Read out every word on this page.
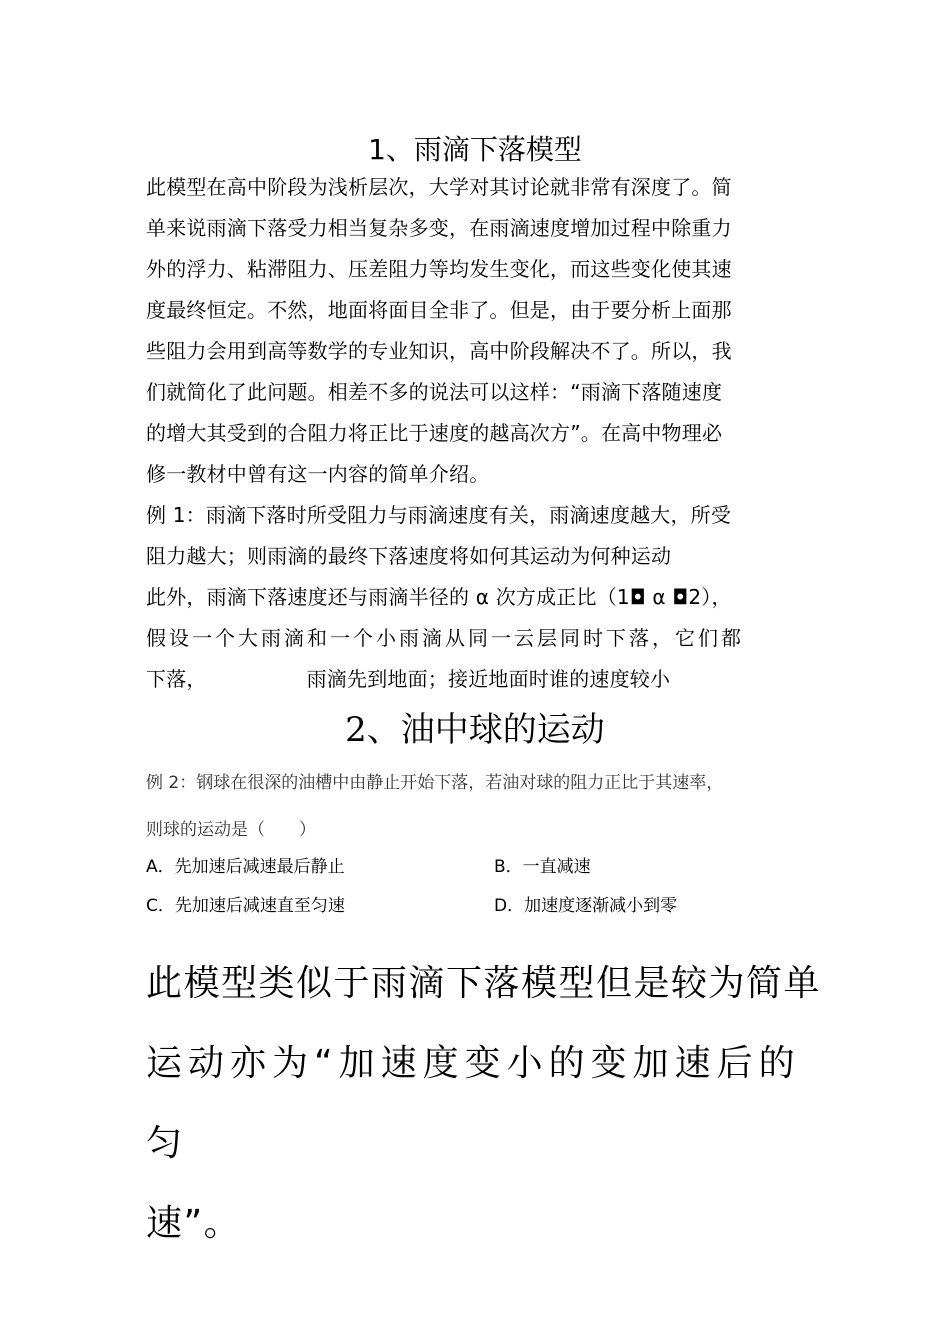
1、雨滴下落模型
此模型在高中阶段为浅析层次，大学对其讨论就非常有深度了。简
单来说雨滴下落受力相当复杂多变，在雨滴速度增加过程中除重力
外的浮力、粘滞阻力、压差阻力等均发生变化，而这些变化使其速
度最终恒定。不然，地面将面目全非了。但是，由于要分析上面那
些阻力会用到高等数学的专业知识，高中阶段解决不了。所以，我
们就简化了此问题。相差不多的说法可以这样：“雨滴下落随速度
的增大其受到的合阻力将正比于速度的越高次方”。在高中物理必
修一教材中曾有这一内容的简单介绍。
例 1：雨滴下落时所受阻力与雨滴速度有关，雨滴速度越大，所受
阻力越大；则雨滴的最终下落速度将如何其运动为何种运动
此外，雨滴下落速度还与雨滴半径的 α 次方成正比（1◘ α ◘2），
假设一个大雨滴和一个小雨滴从同一云层同时下落，它们都
下落，	雨滴先到地面；接近地面时谁的速度较小
2、油中球的运动
例 2：钢球在很深的油槽中由静止开始下落，若油对球的阻力正比于其速率，
则球的运动是（　　）
A．先加速后减速最后静止	B．一直减速
C．先加速后减速直至匀速	D．加速度逐渐减小到零
此模型类似于雨滴下落模型但是较为简单
运动亦为“加速度变小的变加速后的匀
速”。
